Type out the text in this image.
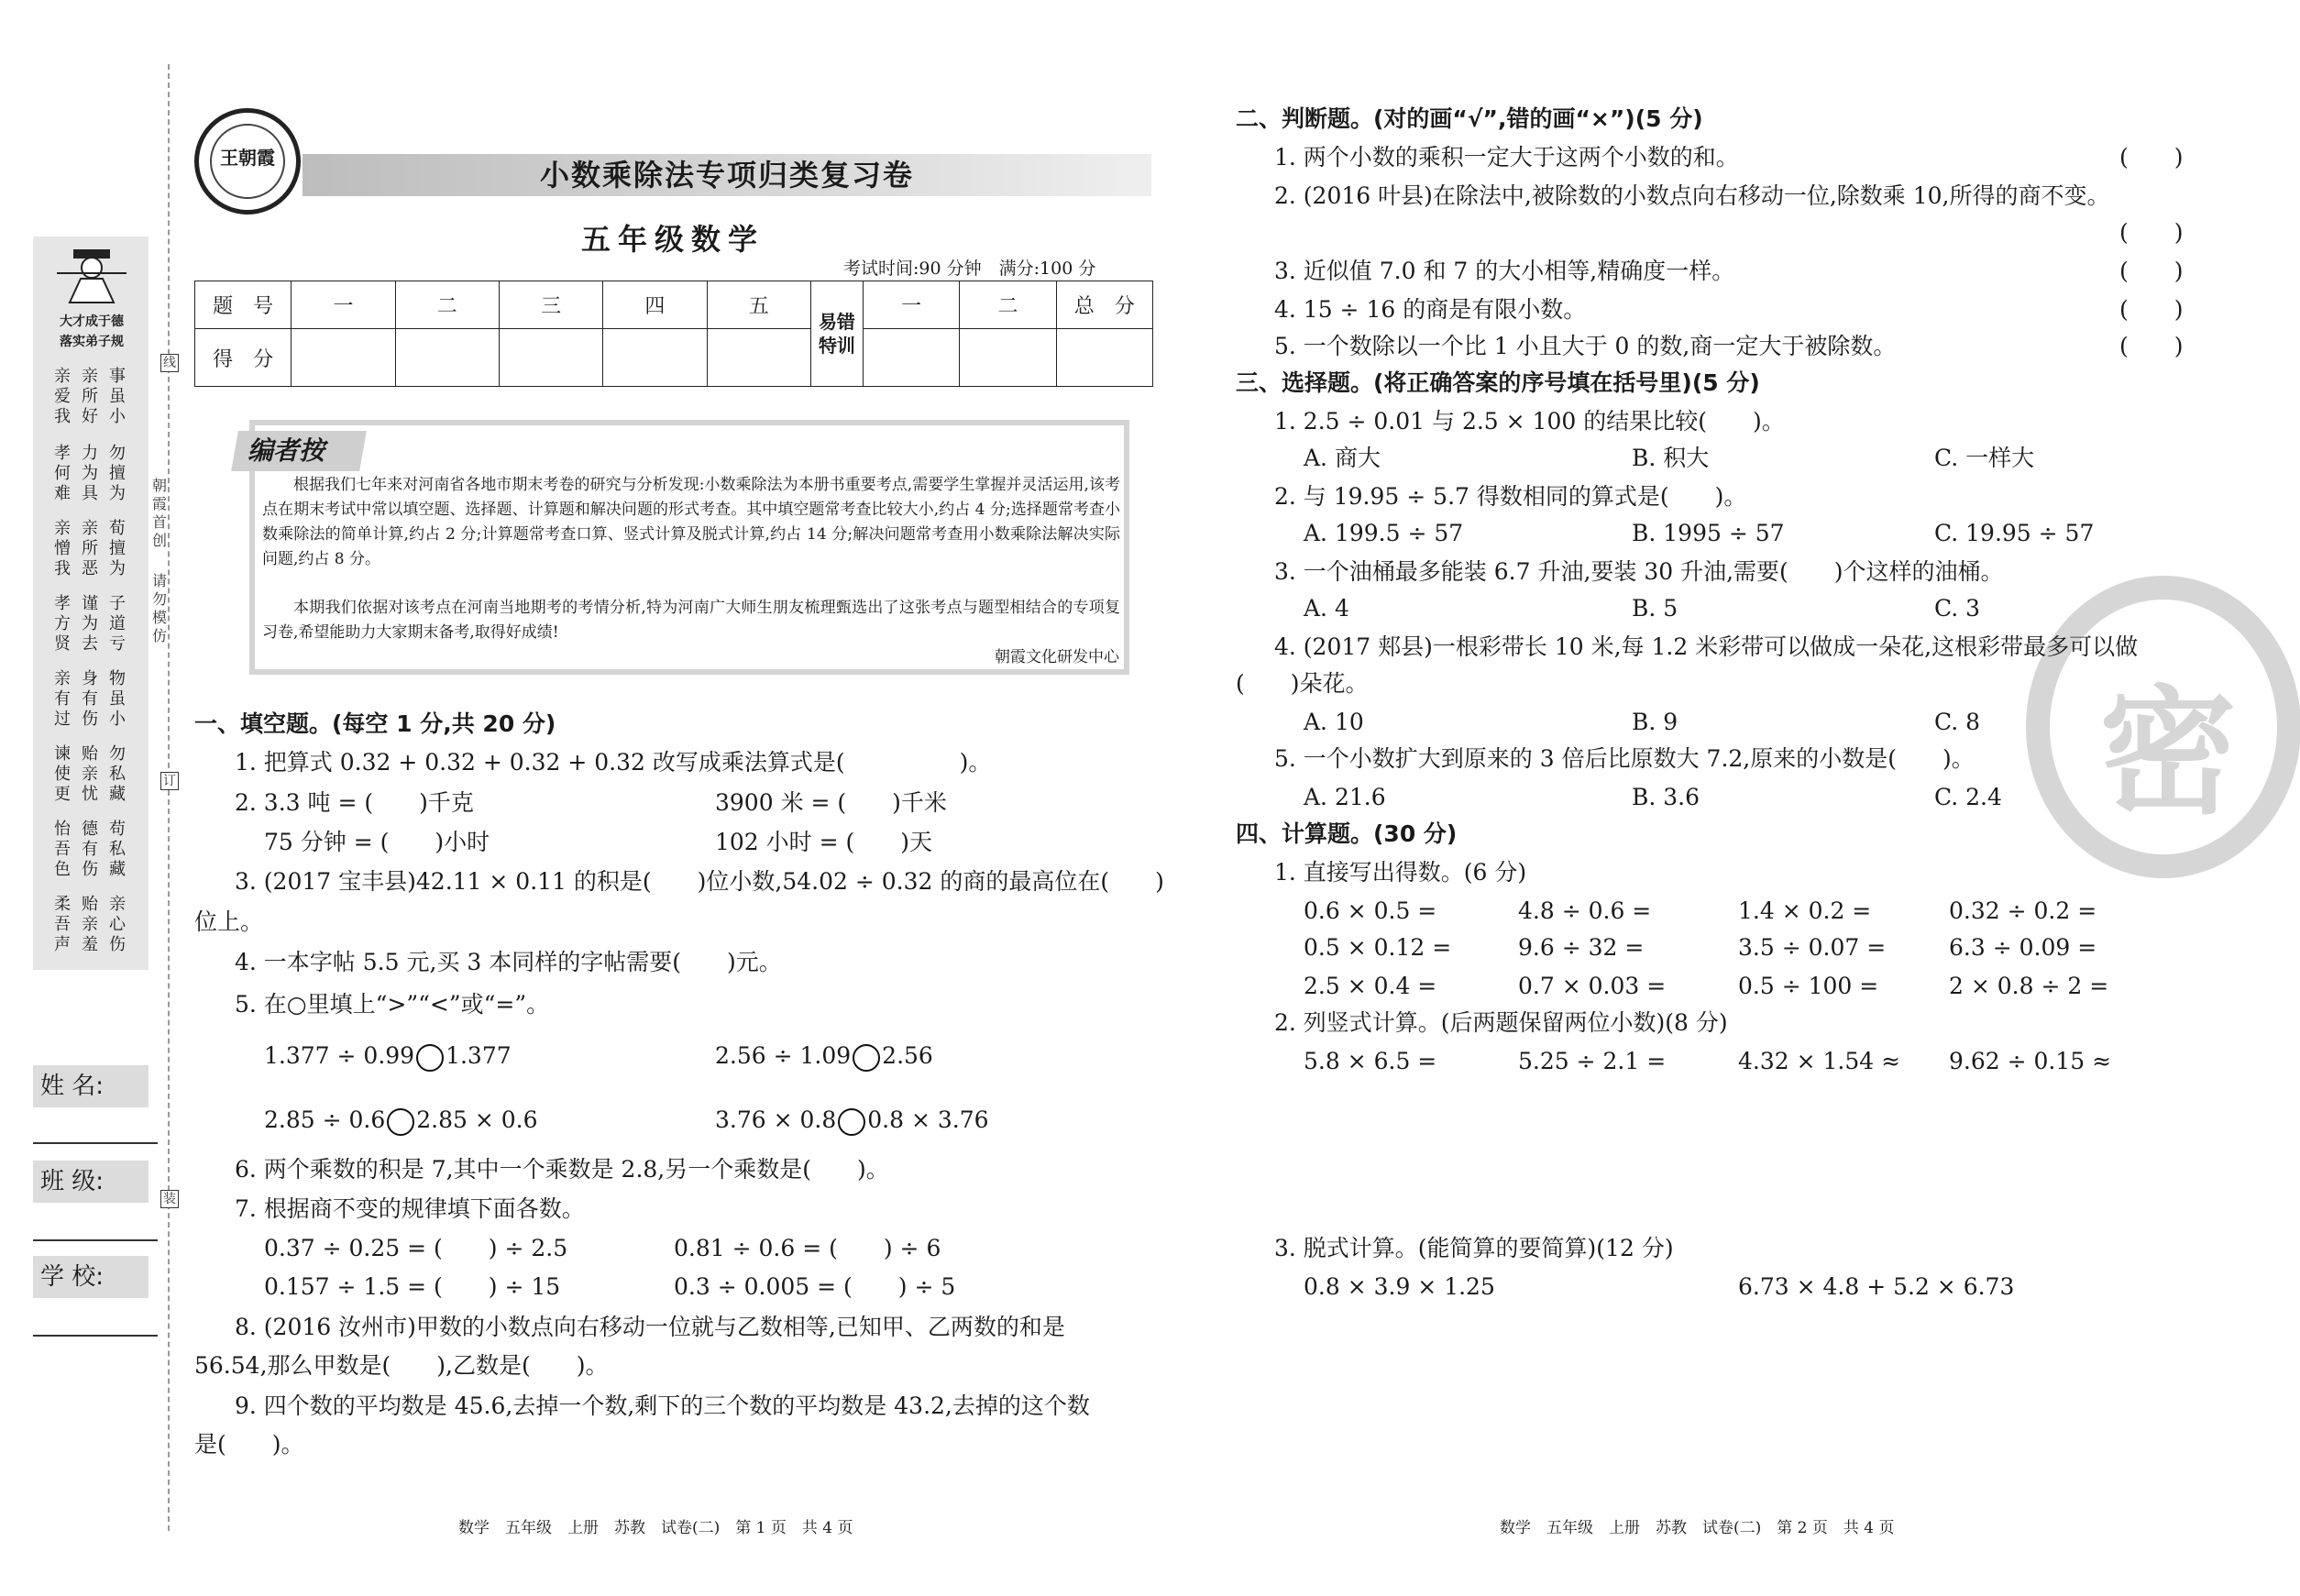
大才成于德
落实弟子规
亲爱我
亲所好
事虽小
孝何难
力为具
勿擅为
亲憎我
亲所恶
荀擅为
孝方贤
谨为去
子道亏
亲有过
身有伤
物虽小
谏使更
贻亲忧
勿私藏
怡吾色
德有伤
苟私藏
柔吾声
贻亲羞
亲心伤
朝霞首创
请勿模仿
线
订
装
姓 名:
班 级:
学 校:
王朝霞	小数乘除法专项归类复习卷
五年级数学
考试时间:90 分钟　满分:100 分
题　号	一	二	三	四	五	易错特训	一	二	总　分
得　分									
编者按
根据我们七年来对河南省各地市期末考卷的研究与分析发现:小数乘除法为本册书重要考点,需要学生掌握并灵活运用,该考点在期末考试中常以填空题、选择题、计算题和解决问题的形式考查。其中填空题常考查比较大小,约占 4 分;选择题常考查小数乘除法的简单计算,约占 2 分;计算题常考查口算、竖式计算及脱式计算,约占 14 分;解决问题常考查用小数乘除法解决实际问题,约占 8 分。
本期我们依据对该考点在河南当地期考的考情分析,特为河南广大师生朋友梳理甄选出了这张考点与题型相结合的专项复习卷,希望能助力大家期末备考,取得好成绩!
朝霞文化研发中心
一、填空题。(每空 1 分,共 20 分)
1. 把算式 0.32 + 0.32 + 0.32 + 0.32 改写成乘法算式是(　　　　　)。
2. 3.3 吨 = (　　)千克	3900 米 = (　　)千米
75 分钟 = (　　)小时	102 小时 = (　　)天
3. (2017 宝丰县)42.11 × 0.11 的积是(　　)位小数,54.02 ÷ 0.32 的商的最高位在(　　)
位上。
4. 一本字帖 5.5 元,买 3 本同样的字帖需要(　　)元。
5. 在○里填上“>”“<”或“=”。
1.377 ÷ 0.99 1.377	2.56 ÷ 1.09 2.56
2.85 ÷ 0.6 2.85 × 0.6	3.76 × 0.8 0.8 × 3.76
6. 两个乘数的积是 7,其中一个乘数是 2.8,另一个乘数是(　　)。
7. 根据商不变的规律填下面各数。
0.37 ÷ 0.25 = (　　) ÷ 2.5	0.81 ÷ 0.6 = (　　) ÷ 6
0.157 ÷ 1.5 = (　　) ÷ 15	0.3 ÷ 0.005 = (　　) ÷ 5
8. (2016 汝州市)甲数的小数点向右移动一位就与乙数相等,已知甲、乙两数的和是
56.54,那么甲数是(　　),乙数是(　　)。
9. 四个数的平均数是 45.6,去掉一个数,剩下的三个数的平均数是 43.2,去掉的这个数
是(　　)。
数学　五年级　上册　苏教　试卷(二)　第 1 页　共 4 页
密
二、判断题。(对的画“√”,错的画“×”)(5 分)
1. 两个小数的乘积一定大于这两个小数的和。	(　　)
2. (2016 叶县)在除法中,被除数的小数点向右移动一位,除数乘 10,所得的商不变。
(　　)
3. 近似值 7.0 和 7 的大小相等,精确度一样。	(　　)
4. 15 ÷ 16 的商是有限小数。	(　　)
5. 一个数除以一个比 1 小且大于 0 的数,商一定大于被除数。	(　　)
三、选择题。(将正确答案的序号填在括号里)(5 分)
1. 2.5 ÷ 0.01 与 2.5 × 100 的结果比较(　　)。
A. 商大	B. 积大	C. 一样大
2. 与 19.95 ÷ 5.7 得数相同的算式是(　　)。
A. 199.5 ÷ 57	B. 1995 ÷ 57	C. 19.95 ÷ 57
3. 一个油桶最多能装 6.7 升油,要装 30 升油,需要(　　)个这样的油桶。
A. 4	B. 5	C. 3
4. (2017 郏县)一根彩带长 10 米,每 1.2 米彩带可以做成一朵花,这根彩带最多可以做
(　　)朵花。
A. 10	B. 9	C. 8
5. 一个小数扩大到原来的 3 倍后比原数大 7.2,原来的小数是(　　)。
A. 21.6	B. 3.6	C. 2.4
四、计算题。(30 分)
1. 直接写出得数。(6 分)
0.6 × 0.5 =	4.8 ÷ 0.6 =	1.4 × 0.2 =	0.32 ÷ 0.2 =
0.5 × 0.12 =	9.6 ÷ 32 =	3.5 ÷ 0.07 =	6.3 ÷ 0.09 =
2.5 × 0.4 =	0.7 × 0.03 =	0.5 ÷ 100 =	2 × 0.8 ÷ 2 =
2. 列竖式计算。(后两题保留两位小数)(8 分)
5.8 × 6.5 =	5.25 ÷ 2.1 =	4.32 × 1.54 ≈ 9.62 ÷ 0.15 ≈
3. 脱式计算。(能简算的要简算)(12 分)
0.8 × 3.9 × 1.25	6.73 × 4.8 + 5.2 × 6.73
数学　五年级　上册　苏教　试卷(二)　第 2 页　共 4 页
